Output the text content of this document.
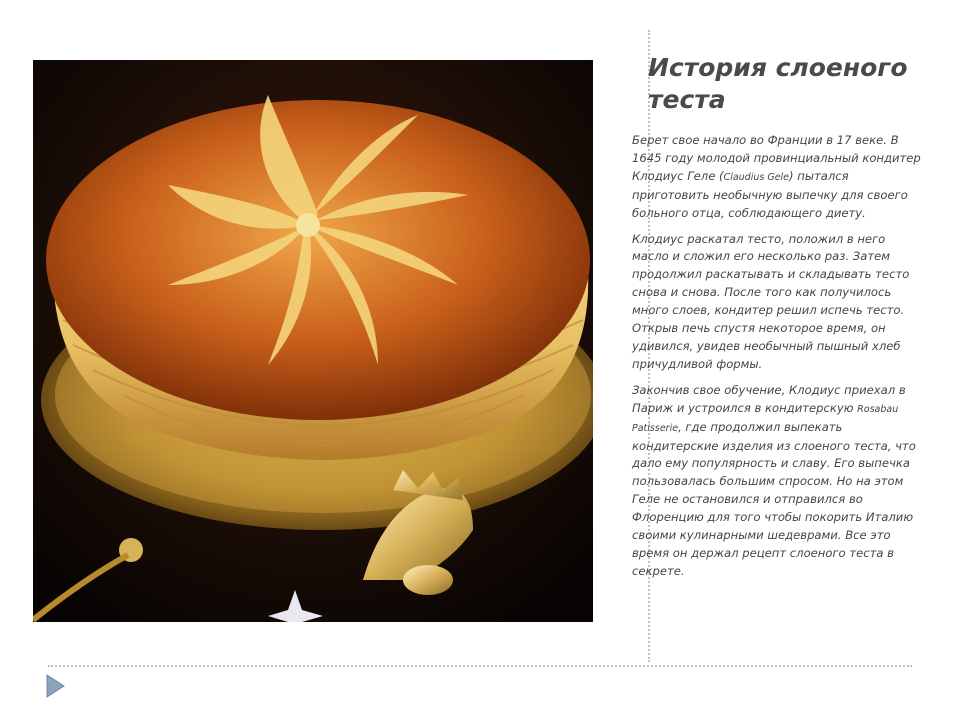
История слоеного теста

Берет свое начало во Франции в 17 веке. В 1645 году молодой провинциальный кондитер Клодиус Геле (Claudius Gele) пытался приготовить необычную выпечку для своего больного отца, соблюдающего диету.

Клодиус раскатал тесто, положил в него масло и сложил его несколько раз. Затем продолжил раскатывать и складывать тесто снова и снова. После того как получилось много слоев, кондитер решил испечь тесто. Открыв печь спустя некоторое время, он удивился, увидев необычный пышный хлеб причудливой формы.

Закончив свое обучение, Клодиус приехал в Париж и устроился в кондитерскую Rosabau Patisserie, где продолжил выпекать кондитерские изделия из слоеного теста, что дало ему популярность и славу. Его выпечка пользовалась большим спросом. Но на этом Геле не остановился и отправился во Флоренцию для того чтобы покорить Италию своими кулинарными шедеврами. Все это время он держал рецепт слоеного теста в секрете.
